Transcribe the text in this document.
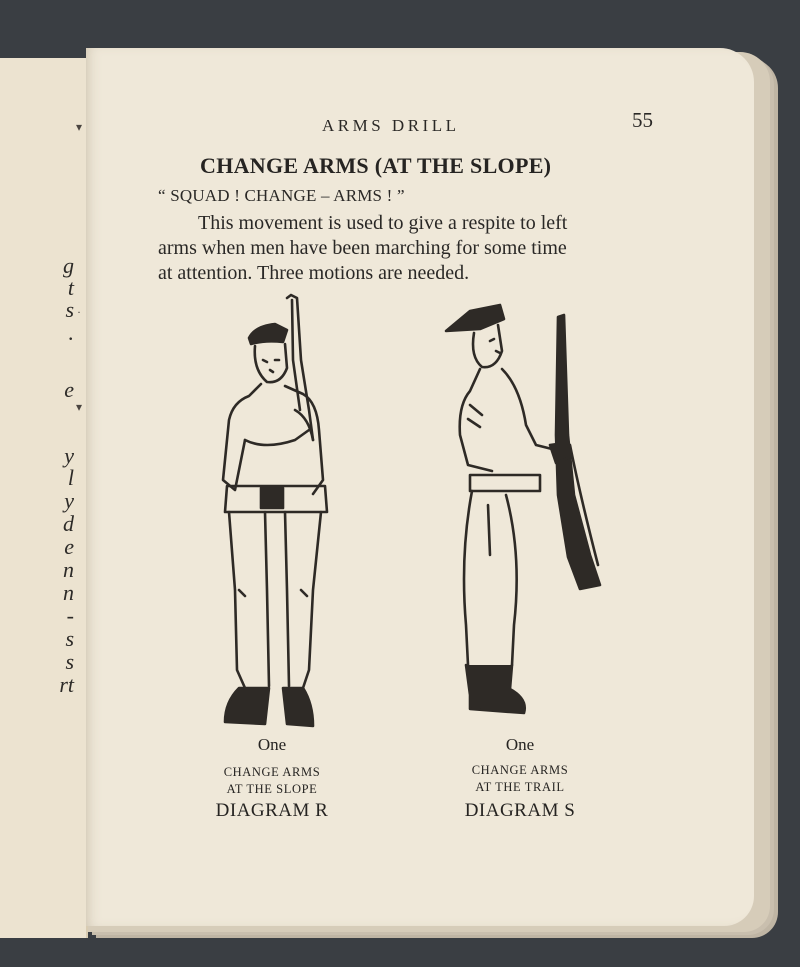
g
t
s
.
e
y
l
y
d
e
n
n
-
s
s
rt
▾
·
▾
ARMS DRILL	55
CHANGE ARMS (AT THE SLOPE)
“ SQUAD ! CHANGE – ARMS ! ”
This movement is used to give a respite to left
arms when men have been marching for some time
at attention. Three motions are needed.
One
CHANGE ARMS
AT THE SLOPE
DIAGRAM R
One
CHANGE ARMS
AT THE TRAIL
DIAGRAM S
